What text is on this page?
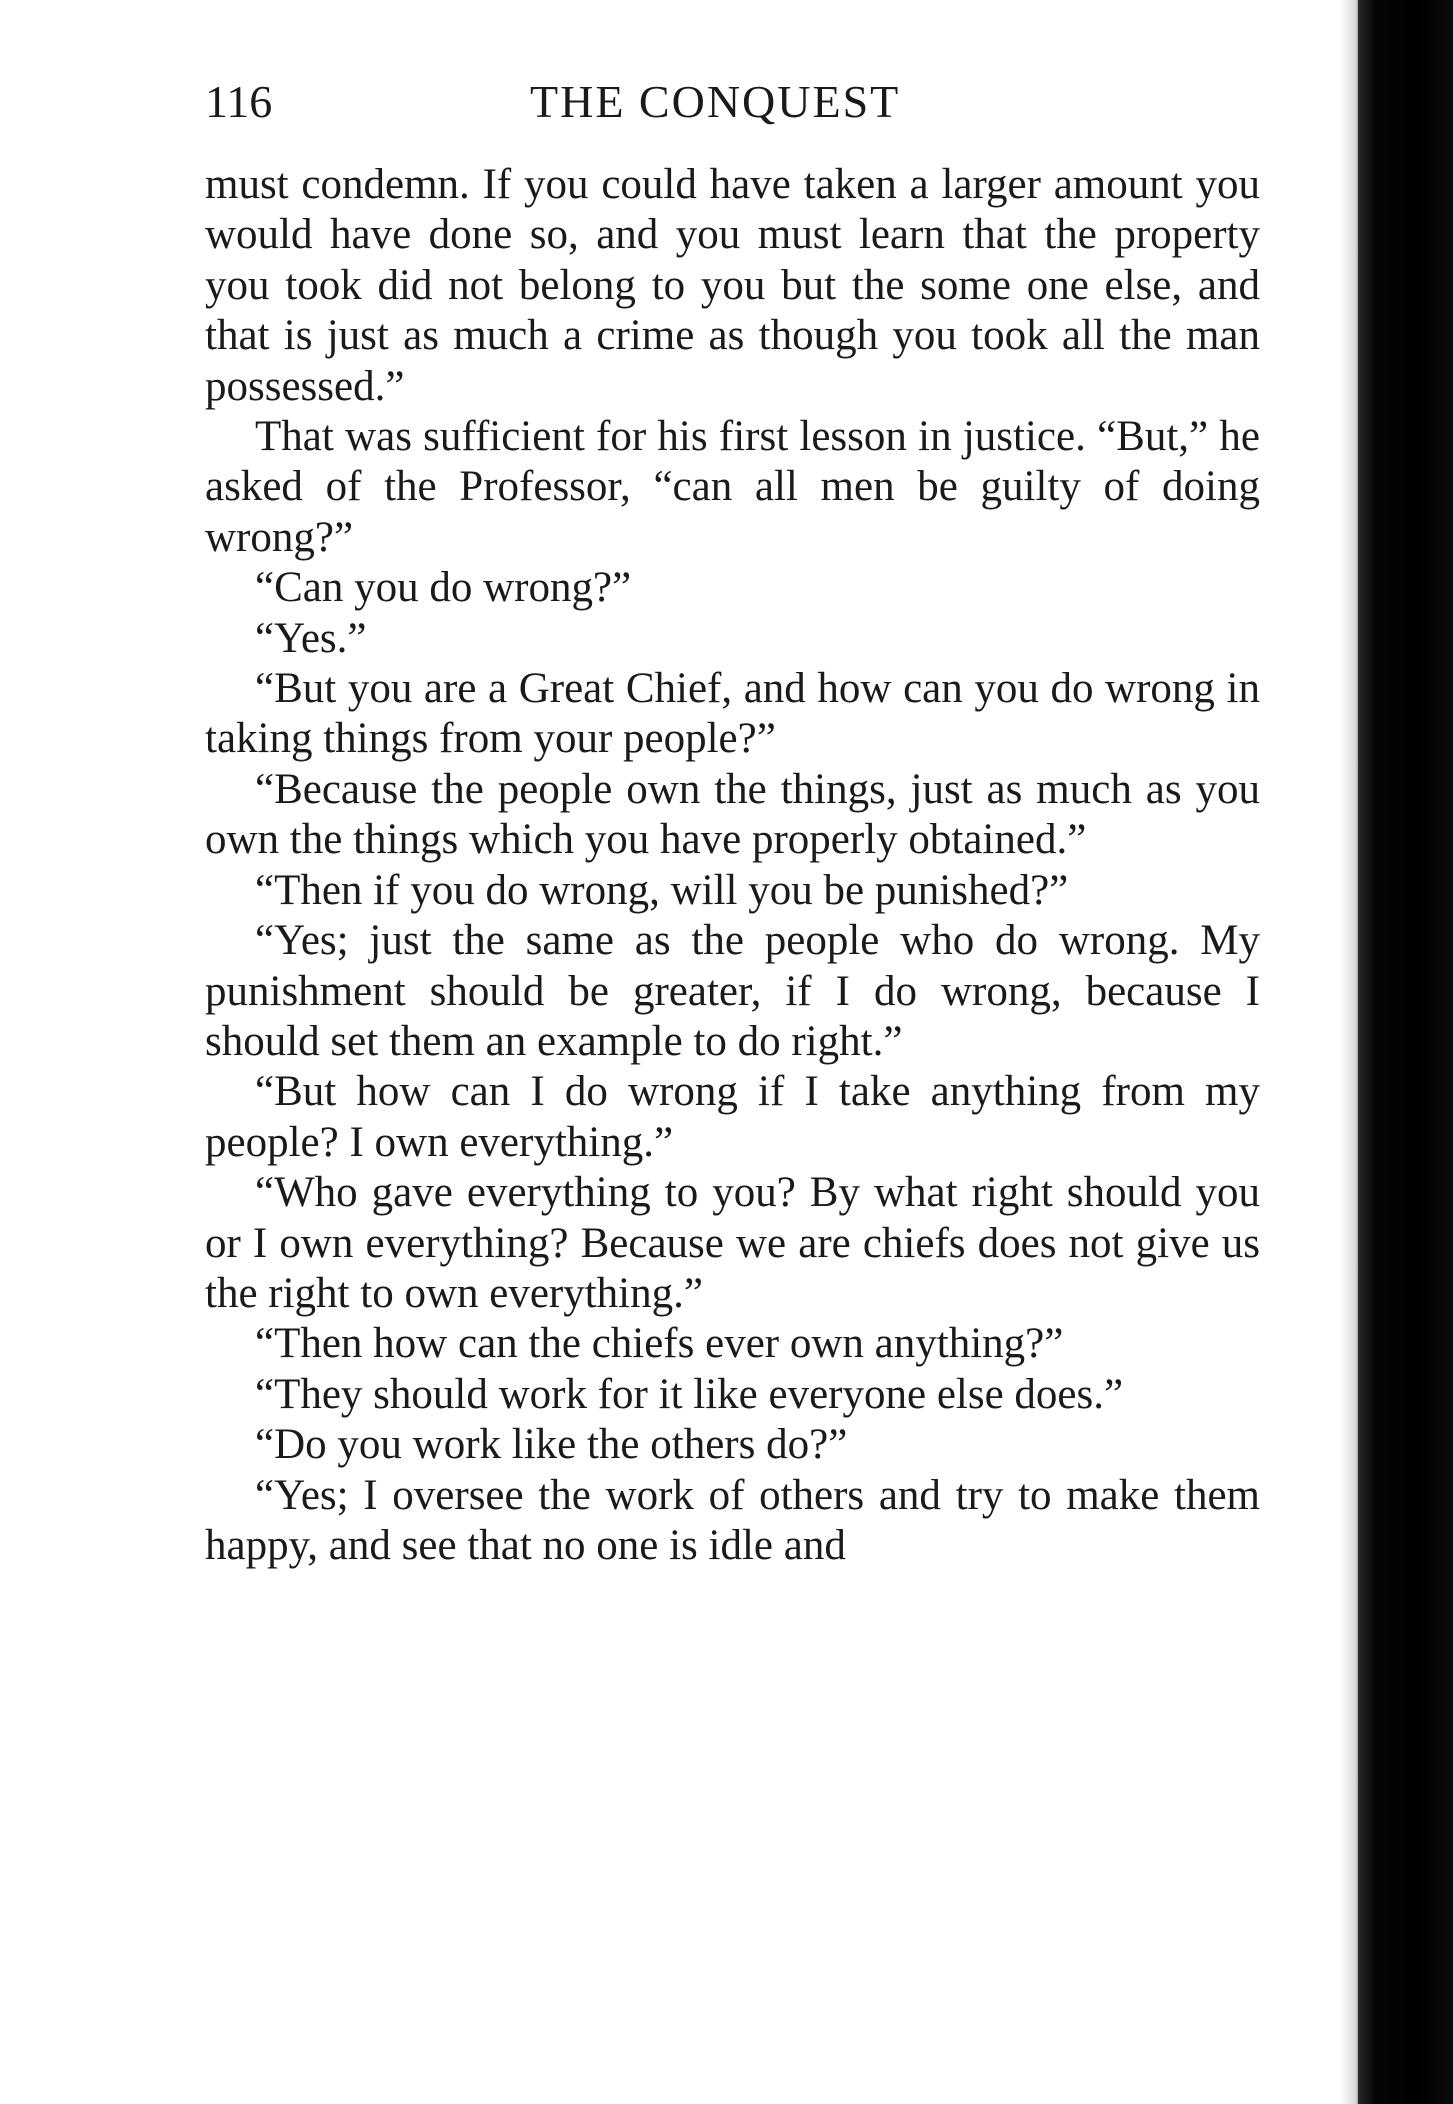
116	THE CONQUEST

must condemn. If you could have taken a larger amount you would have done so, and you must learn that the property you took did not belong to you but the some one else, and that is just as much a crime as though you took all the man possessed.”

That was sufficient for his first lesson in justice. “But,” he asked of the Professor, “can all men be guilty of doing wrong?”

“Can you do wrong?”

“Yes.”

“But you are a Great Chief, and how can you do wrong in taking things from your people?”

“Because the people own the things, just as much as you own the things which you have properly obtained.”

“Then if you do wrong, will you be punished?”

“Yes; just the same as the people who do wrong. My punishment should be greater, if I do wrong, because I should set them an example to do right.”

“But how can I do wrong if I take anything from my people? I own everything.”

“Who gave everything to you? By what right should you or I own everything? Because we are chiefs does not give us the right to own everything.”

“Then how can the chiefs ever own anything?”

“They should work for it like everyone else does.”

“Do you work like the others do?”

“Yes; I oversee the work of others and try to make them happy, and see that no one is idle and
